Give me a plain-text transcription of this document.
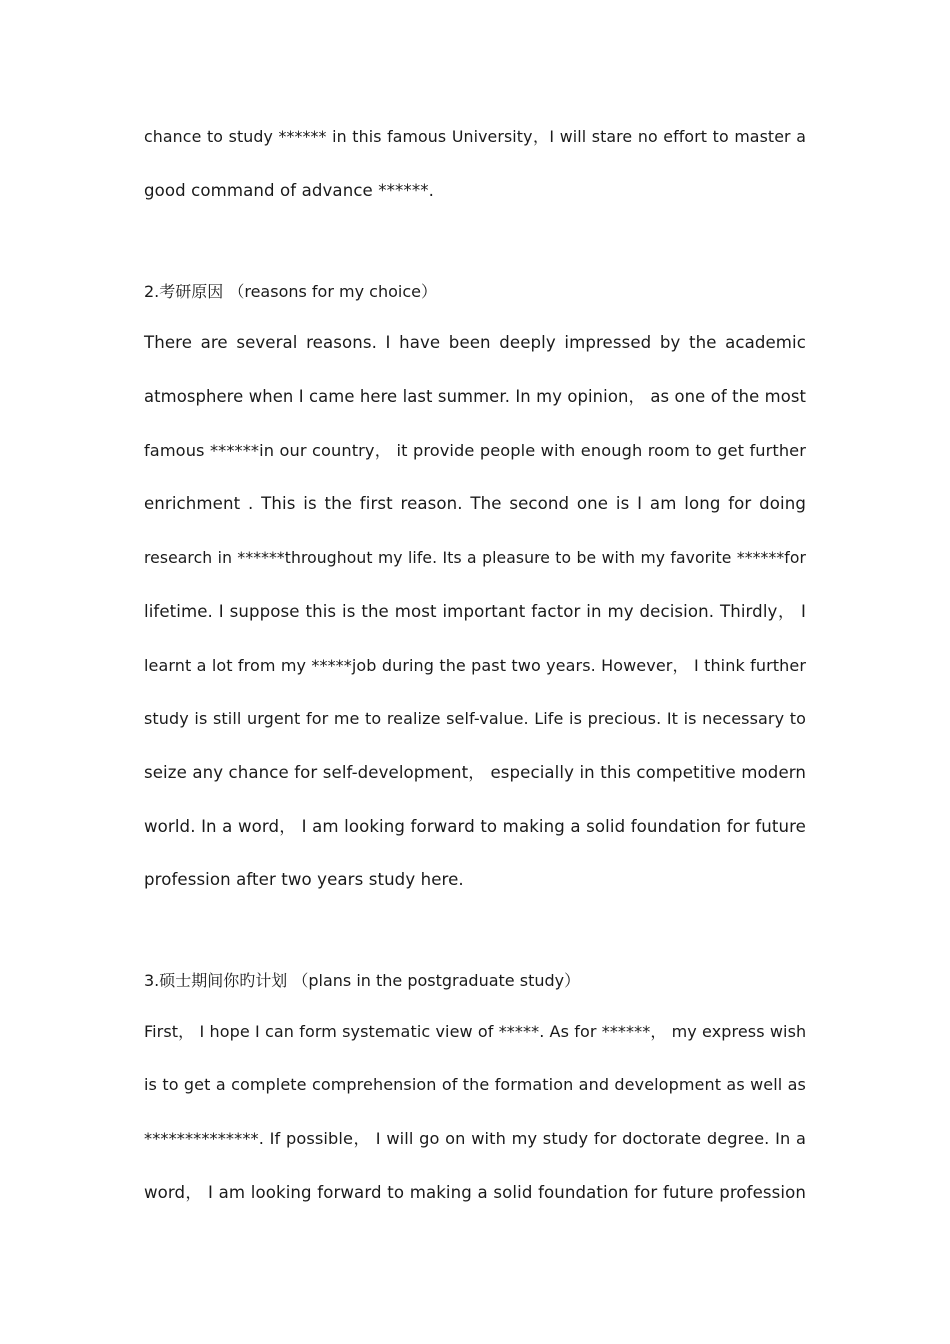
chance to study ****** in this famous University，I will stare no effort to master a
good command of advance ******.
2.考研原因 （reasons for my choice）
There are several reasons. I have been deeply impressed by the academic
atmosphere when I came here last summer. In my opinion， as one of the most
famous ******in our country， it provide people with enough room to get further
enrichment . This is the first reason. The second one is I am long for doing
research in ******throughout my life. Its a pleasure to be with my favorite ******for
lifetime. I suppose this is the most important factor in my decision. Thirdly， I
learnt a lot from my *****job during the past two years. However， I think further
study is still urgent for me to realize self-value. Life is precious. It is necessary to
seize any chance for self-development， especially in this competitive modern
world. In a word， I am looking forward to making a solid foundation for future
profession after two years study here.
3.硕士期间你旳计划 （plans in the postgraduate study）
First， I hope I can form systematic view of *****. As for ******， my express wish
is to get a complete comprehension of the formation and development as well as
**************. If possible， I will go on with my study for doctorate degree. In a
word， I am looking forward to making a solid foundation for future profession
